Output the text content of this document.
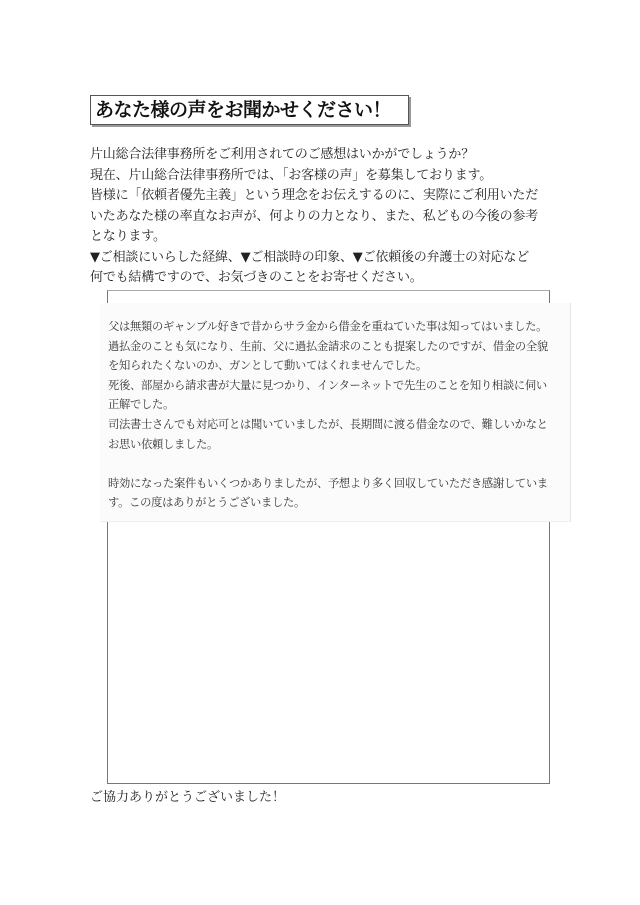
あなた様の声をお聞かせください！
片山総合法律事務所をご利用されてのご感想はいかがでしょうか？
現在、片山総合法律事務所では、「お客様の声」を募集しております。
皆様に「依頼者優先主義」という理念をお伝えするのに、実際にご利用いただ
いたあなた様の率直なお声が、何よりの力となり、また、私どもの今後の参考
となります。
▼ご相談にいらした経緯、▼ご相談時の印象、▼ご依頼後の弁護士の対応など
何でも結構ですので、お気づきのことをお寄せください。
父は無類のギャンブル好きで昔からサラ金から借金を重ねていた事は知ってはいました。
過払金のことも気になり、生前、父に過払金請求のことも提案したのですが、借金の全貌
を知られたくないのか、ガンとして動いてはくれませんでした。
死後、部屋から請求書が大量に見つかり、インターネットで先生のことを知り相談に伺い
正解でした。
司法書士さんでも対応可とは聞いていましたが、長期間に渡る借金なので、難しいかなと
お思い依頼しました。
時効になった案件もいくつかありましたが、予想より多く回収していただき感謝していま
す。この度はありがとうございました。
ご協力ありがとうございました！
